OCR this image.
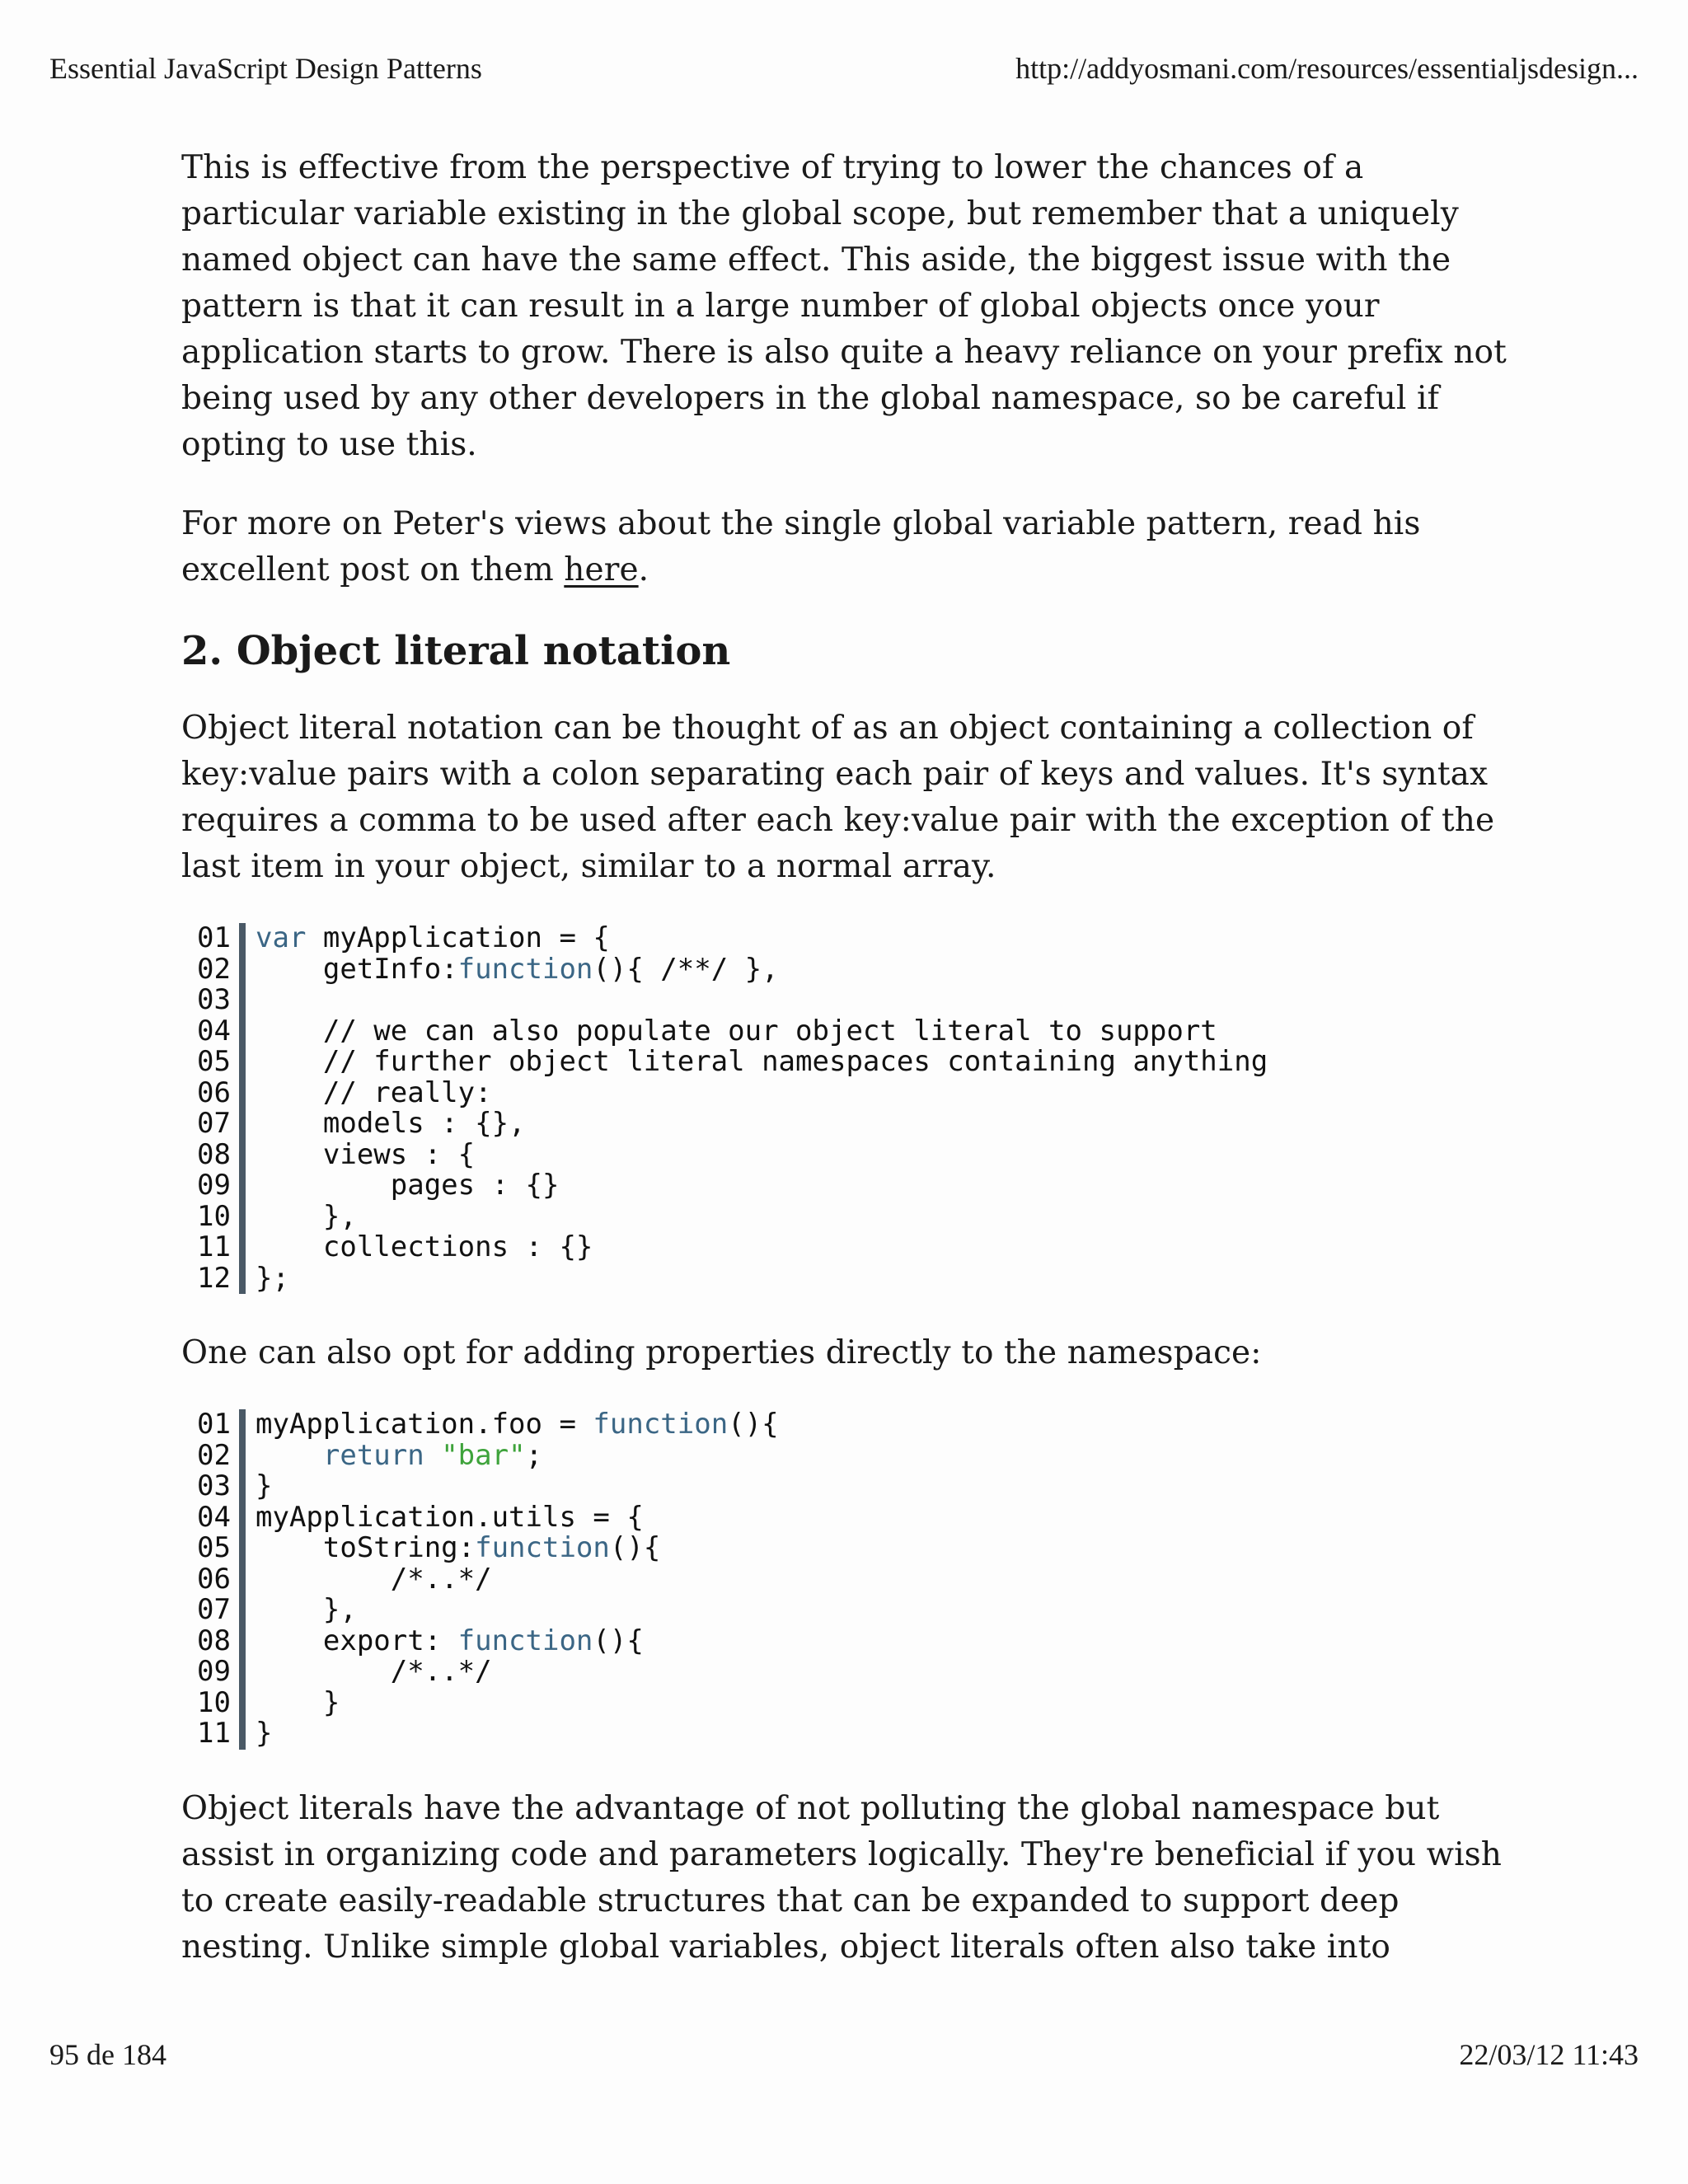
Essential JavaScript Design Patterns	http://addyosmani.com/resources/essentialjsdesign...

This is effective from the perspective of trying to lower the chances of a particular variable existing in the global scope, but remember that a uniquely named object can have the same effect. This aside, the biggest issue with the pattern is that it can result in a large number of global objects once your application starts to grow. There is also quite a heavy reliance on your prefix not being used by any other developers in the global namespace, so be careful if opting to use this.

For more on Peter's views about the single global variable pattern, read his excellent post on them here.

2. Object literal notation

Object literal notation can be thought of as an object containing a collection of key:value pairs with a colon separating each pair of keys and values. It's syntax requires a comma to be used after each key:value pair with the exception of the last item in your object, similar to a normal array.

01
02
03
04
05
06
07
08
09
10
11
12
var myApplication = {
getInfo:function(){ /**/ },
// we can also populate our object literal to support
// further object literal namespaces containing anything
// really:
models : {},
views : {
pages : {}
},
collections : {}
};

One can also opt for adding properties directly to the namespace:

01
02
03
04
05
06
07
08
09
10
11
myApplication.foo = function(){
return "bar";
}
myApplication.utils = {
toString:function(){
/*..*/
},
export: function(){
/*..*/
}
}

Object literals have the advantage of not polluting the global namespace but assist in organizing code and parameters logically. They're beneficial if you wish to create easily-readable structures that can be expanded to support deep nesting. Unlike simple global variables, object literals often also take into

95 de 184	22/03/12 11:43
